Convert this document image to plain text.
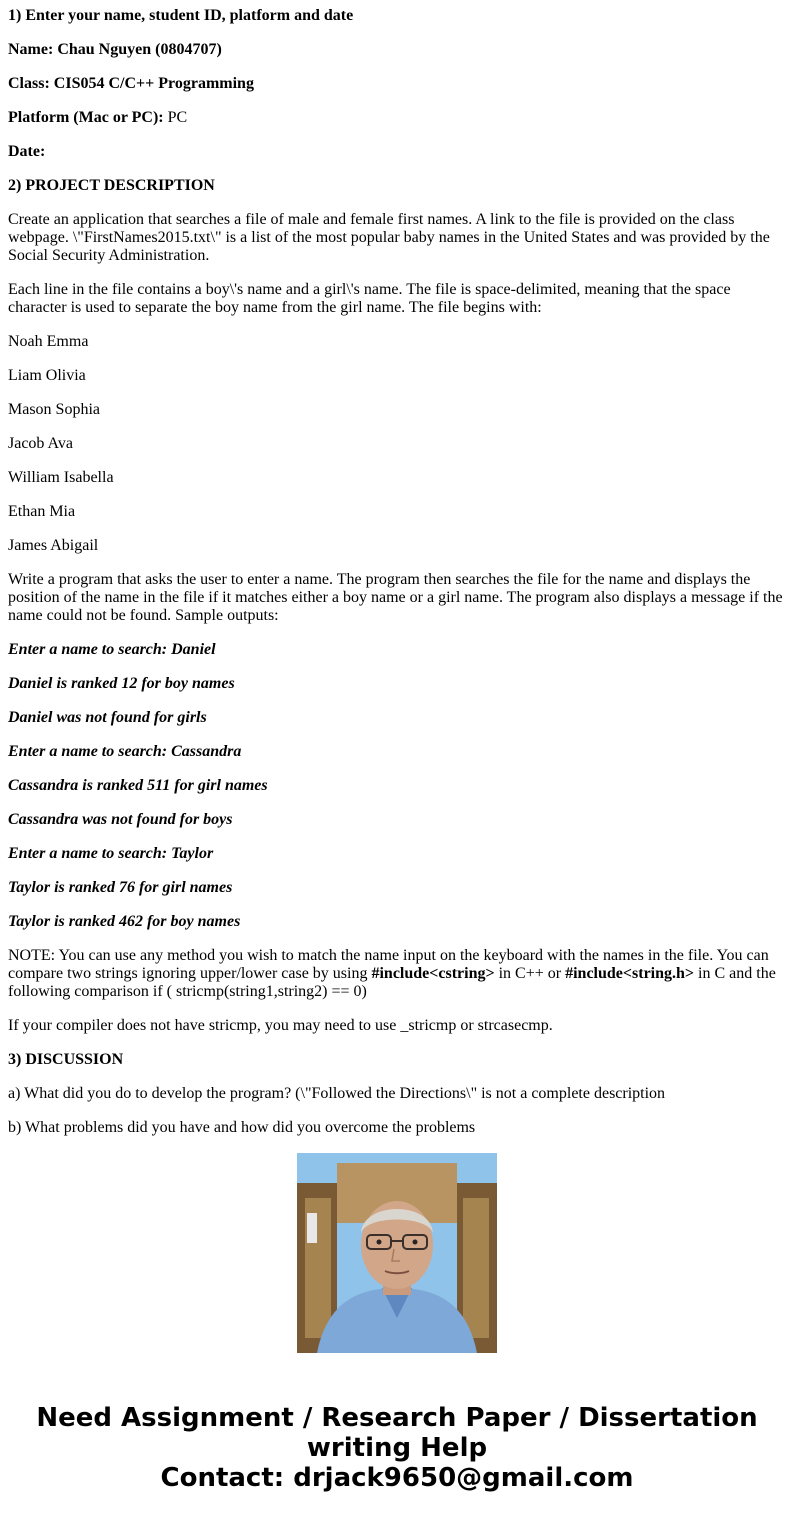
1) Enter your name, student ID, platform and date

Name: Chau Nguyen (0804707)

Class: CIS054 C/C++ Programming

Platform (Mac or PC): PC

Date:

2) PROJECT DESCRIPTION

Create an application that searches a file of male and female first names. A link to the file is provided on the class webpage. \"FirstNames2015.txt\" is a list of the most popular baby names in the United States and was provided by the Social Security Administration.

Each line in the file contains a boy\'s name and a girl\'s name. The file is space-delimited, meaning that the space character is used to separate the boy name from the girl name. The file begins with:

Noah Emma

Liam Olivia

Mason Sophia

Jacob Ava

William Isabella

Ethan Mia

James Abigail

Write a program that asks the user to enter a name. The program then searches the file for the name and displays the position of the name in the file if it matches either a boy name or a girl name. The program also displays a message if the name could not be found. Sample outputs:

Enter a name to search: Daniel

Daniel is ranked 12 for boy names

Daniel was not found for girls

Enter a name to search: Cassandra

Cassandra is ranked 511 for girl names

Cassandra was not found for boys

Enter a name to search: Taylor

Taylor is ranked 76 for girl names

Taylor is ranked 462 for boy names

NOTE: You can use any method you wish to match the name input on the keyboard with the names in the file. You can compare two strings ignoring upper/lower case by using #include<cstring> in C++ or #include<string.h> in C and the following comparison if ( stricmp(string1,string2) == 0)

If your compiler does not have stricmp, you may need to use _stricmp or strcasecmp.

3) DISCUSSION

a) What did you do to develop the program? (\"Followed the Directions\" is not a complete description

b) What problems did you have and how did you overcome the problems

Need Assignment / Research Paper / Dissertation
writing Help
Contact: drjack9650@gmail.com
